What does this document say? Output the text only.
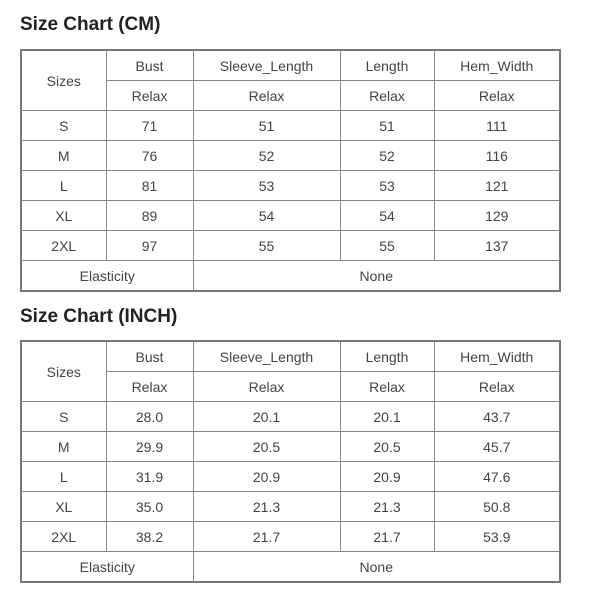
Size Chart (CM)
Sizes	Bust	Sleeve_Length	Length	Hem_Width
	Relax	Relax	Relax	Relax
S	71	51	51	111
M	76	52	52	116
L	81	53	53	121
XL	89	54	54	129
2XL	97	55	55	137
Elasticity		None		
Size Chart (INCH)
Sizes	Bust	Sleeve_Length	Length	Hem_Width
	Relax	Relax	Relax	Relax
S	28.0	20.1	20.1	43.7
M	29.9	20.5	20.5	45.7
L	31.9	20.9	20.9	47.6
XL	35.0	21.3	21.3	50.8
2XL	38.2	21.7	21.7	53.9
Elasticity		None		
